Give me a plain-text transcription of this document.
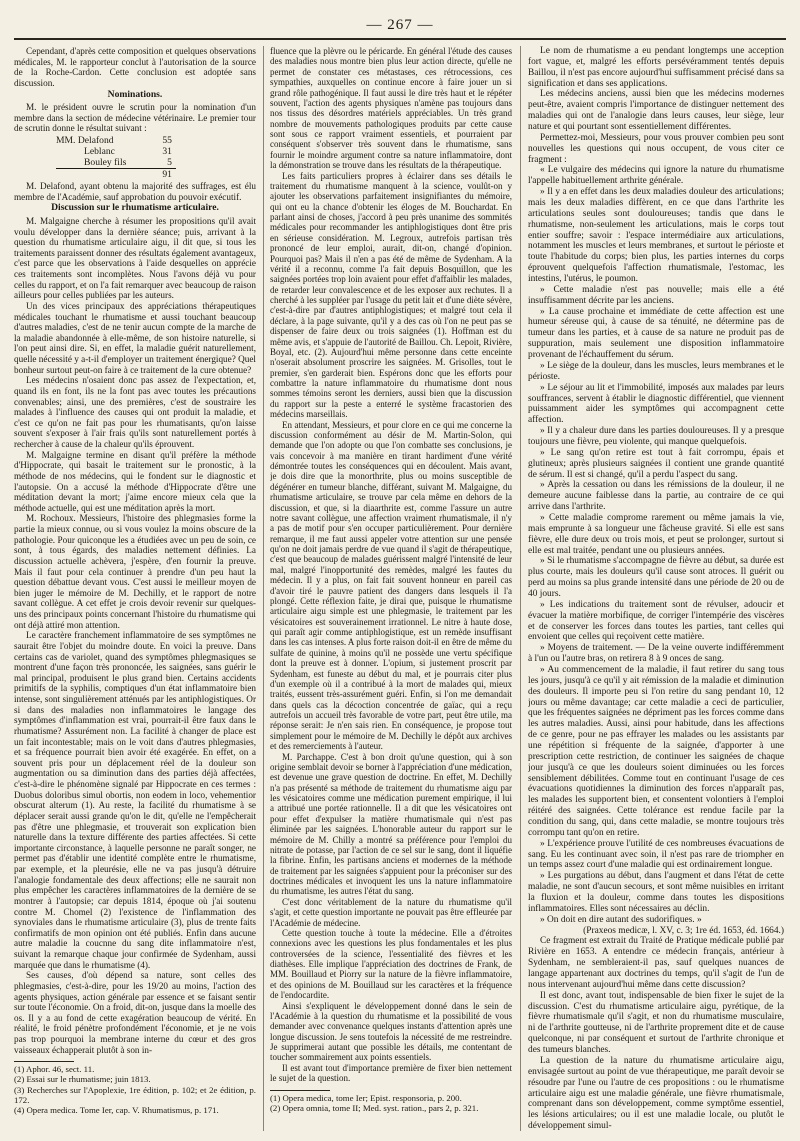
— 267 —

Cependant, d'après cette composition et quelques observations médicales, M. le rapporteur conclut à l'autorisation de la source de la Roche-Cardon. Cette conclusion est adoptée sans discussion.

Nominations.

M. le président ouvre le scrutin pour la nomination d'un membre dans la section de médecine vétérinaire. Le premier tour de scrutin donne le résultat suivant :

MM. Delafond	55
Leblanc	31
Bouley fils	5
	91

M. Delafond, ayant obtenu la majorité des suffrages, est élu membre de l'Académie, sauf approbation du pouvoir exécutif.

Discussion sur le rhumatisme articulaire.

M. Malgaigne cherche à résumer les propositions qu'il avait voulu développer dans la dernière séance; puis, arrivant à la question du rhumatisme articulaire aigu, il dit que, si tous les traitements paraissent donner des résultats également avantageux, c'est parce que les observations à l'aide desquelles on apprécie ces traitements sont incomplètes. Nous l'avons déjà vu pour celles du rapport, et on l'a fait remarquer avec beaucoup de raison ailleurs pour celles publiées par les auteurs.

Un des vices principaux des appréciations thérapeutiques médicales touchant le rhumatisme et aussi touchant beaucoup d'autres maladies, c'est de ne tenir aucun compte de la marche de la maladie abandonnée à elle-même, de son histoire naturelle, si l'on peut ainsi dire. Si, en effet, la maladie guérit naturellement, quelle nécessité y a-t-il d'employer un traitement énergique? Quel bonheur surtout peut-on faire à ce traitement de la cure obtenue?

Les médecins n'osaient donc pas assez de l'expectation, et, quand ils en font, ils ne la font pas avec toutes les précautions convenables; ainsi, une des premières, c'est de soustraire les malades à l'influence des causes qui ont produit la maladie, et c'est ce qu'on ne fait pas pour les rhumatisants, qu'on laisse souvent s'exposer à l'air frais qu'ils sont naturellement portés à rechercher à cause de la chaleur qu'ils éprouvent.

M. Malgaigne termine en disant qu'il préfère la méthode d'Hippocrate, qui basait le traitement sur le pronostic, à la méthode de nos médecins, qui le fondent sur le diagnostic et l'autopsie. On a accusé la méthode d'Hippocrate d'être une méditation devant la mort; j'aime encore mieux cela que la méthode actuelle, qui est une méditation après la mort.

M. Rochoux. Messieurs, l'histoire des phlegmasies forme la partie la mieux connue, ou si vous voulez la moins obscure de la pathologie. Pour quiconque les a étudiées avec un peu de soin, ce sont, à tous égards, des maladies nettement définies. La discussion actuelle achèvera, j'espère, d'en fournir la preuve. Mais il faut pour cela continuer à prendre d'un peu haut la question débattue devant vous. C'est aussi le meilleur moyen de bien juger le mémoire de M. Dechilly, et le rapport de notre savant collègue. A cet effet je crois devoir revenir sur quelques-uns des principaux points concernant l'histoire du rhumatisme qui ont déjà attiré mon attention.

Le caractère franchement inflammatoire de ses symptômes ne saurait être l'objet du moindre doute. En voici la preuve. Dans certains cas de variolet, quand des symptômes phlegmasiques se montrent d'une façon très prononcée, les saignées, sans guérir le mal principal, produisent le plus grand bien. Certains accidents primitifs de la syphilis, comptiques d'un état inflammatoire bien intense, sont singulièrement atténués par les antiphlogistiques. Or si dans des maladies non inflammatoires le langage des symptômes d'inflammation est vrai, pourrait-il être faux dans le rhumatisme? Assurément non. La facilité à changer de place est un fait incontestable; mais on le voit dans d'autres phlegmasies, et sa fréquence pourrait bien avoir été exagérée. En effet, on a souvent pris pour un déplacement réel de la douleur son augmentation ou sa diminution dans des parties déjà affectées, c'est-à-dire le phénomène signalé par Hippocrate en ces termes : Duobus doloribus simul obortis, non eodem in loco, vehementior obscurat alterum (1). Au reste, la facilité du rhumatisme à se déplacer serait aussi grande qu'on le dit, qu'elle ne l'empêcherait pas d'être une phlegmasie, et trouverait son explication bien naturelle dans la texture différente des parties affectées. Si cette importante circonstance, à laquelle personne ne paraît songer, ne permet pas d'établir une identité complète entre le rhumatisme, par exemple, et la pleurésie, elle ne va pas jusqu'à détruire l'analogie fondamentale des deux affections; elle ne saurait non plus empêcher les caractères inflammatoires de la dernière de se montrer à l'autopsie; car depuis 1814, époque où j'ai soutenu contre M. Chomel (2) l'existence de l'inflammation des synoviales dans le rhumatisme articulaire (3), plus de trente faits confirmatifs de mon opinion ont été publiés. Enfin dans aucune autre maladie la coucnne du sang dite inflammatoire n'est, suivant la remarque chaque jour confirmée de Sydenham, aussi marquée que dans le rhumatisme (4).

Ses causes, d'où dépend sa nature, sont celles des phlegmasies, c'est-à-dire, pour les 19/20 au moins, l'action des agents physiques, action générale par essence et se faisant sentir sur toute l'économie. On a froid, dit-on, jusque dans la moelle des os. Il y a au fond de cette exagération beaucoup de vérité. En réalité, le froid pénètre profondément l'économie, et je ne vois pas trop pourquoi la membrane interne du cœur et des gros vaisseaux échapperait plutôt à son in-

(1) Aphor. 46, sect. 11.

(2) Essai sur le rhumatisme; juin 1813.

(3) Recherches sur l'Apoplexie, 1re édition, p. 102; et 2e édition, p. 172.

(4) Opera medica. Tome Ier, cap. V. Rhumatismus, p. 171.

fluence que la plèvre ou le péricarde. En général l'étude des causes des maladies nous montre bien plus leur action directe, qu'elle ne permet de constater ces métastases, ces rétrocessions, ces sympathies, auxquelles on continue encore à faire jouer un si grand rôle pathogénique. Il faut aussi le dire très haut et le répéter souvent, l'action des agents physiques n'amène pas toujours dans nos tissus des désordres matériels appréciables. Un très grand nombre de mouvements pathologiques produits par cette cause sont sous ce rapport vraiment essentiels, et pourraient par conséquent s'observer très souvent dans le rhumatisme, sans fournir le moindre argument contre sa nature inflammatoire, dont la démonstration se trouve dans les résultats de la thérapeutique.

Les faits particuliers propres à éclairer dans ses détails le traitement du rhumatisme manquent à la science, voulût-on y ajouter les observations parfaitement insignifiantes du mémoire, qui ont eu la chance d'obtenir les éloges de M. Bouchardat. En parlant ainsi de choses, j'accord à peu près unanime des sommités médicales pour recommander les antiphlogistiques dont être pris en sérieuse considération. M. Legroux, autrefois partisan très prononcé de leur emploi, aurait, dit-on, changé d'opinion. Pourquoi pas? Mais il n'en a pas été de même de Sydenham. A la vérité il a reconnu, comme l'a fait depuis Bosquillon, que les saignées portées trop loin avaient pour effet d'affaiblir les malades, de retarder leur convalescence et de les exposer aux rechutes. Il a cherché à les suppléer par l'usage du petit lait et d'une diète sévère, c'est-à-dire par d'autres antiphlogistiques; et malgré tout cela il déclare, à la page suivante, qu'il y a des cas où l'on ne peut pas se dispenser de faire deux ou trois saignées (1). Hoffman est du même avis, et s'appuie de l'autorité de Baillou. Ch. Lepoit, Rivière, Boyal, etc. (2). Aujourd'hui même personne dans cette enceinte n'oserait absolument proscrire les saignées. M. Grisolles, tout le premier, s'en garderait bien. Espérons donc que les efforts pour combattre la nature inflammatoire du rhumatisme dont nous sommes témoins seront les derniers, aussi bien que la discussion du rapport sur la peste a enterré le système fracastorien des médecins marseillais.

En attendant, Messieurs, et pour clore en ce qui me concerne la discussion conformément au désir de M. Martin-Solon, qui demande que l'on adopte ou que l'on combatte ses conclusions, je vais concevoir à ma manière en tirant hardiment d'une vérité démontrée toutes les conséquences qui en découlent. Mais avant, je dois dire que la monorthrite, plus ou moins susceptible de dégénérer en tumeur blanche, différant, suivant M. Malgaigne, du rhumatisme articulaire, se trouve par cela même en dehors de la discussion, et que, si la diaarthrite est, comme l'assure un autre notre savant collègue, une affection vraiment rhumatismale, il n'y a pas de motif pour s'en occuper particulièrement. Pour dernière remarque, il me faut aussi appeler votre attention sur une pensée qu'on ne doit jamais perdre de vue quand il s'agit de thérapeutique, c'est que beaucoup de malades guérissent malgré l'intensité de leur mal, malgré l'inopportunité des remèdes, malgré les fautes du médecin. Il y a plus, on fait fait souvent honneur en pareil cas d'avoir tiré le pauvre patient des dangers dans lesquels il l'a plongé. Cette réflexion faite, je dirai que, puisque le rhumatisme articulaire aigu simple est une phlegmasie, le traitement par les vésicatoires est souverainement irrationnel. Le nitre à haute dose, qui paraît agir comme antiphlogistique, est un remède insuffisant dans les cas intenses. A plus forte raison doit-il en être de même du sulfate de quinine, à moins qu'il ne possède une vertu spécifique dont la preuve est à donner. L'opium, si justement proscrit par Sydenham, est funeste au début du mal, et je pourrais citer plus d'un exemple où il a contribué à la mort de malades qui, mieux traités, eussent très-assurément guéri. Enfin, si l'on me demandait dans quels cas la décoction concentrée de gaïac, qui a reçu autrefois un accueil très favorable de votre part, peut être utile, ma réponse serait: Je n'en sais rien. En conséquence, je propose tout simplement pour le mémoire de M. Dechilly le dépôt aux archives et des remerciements à l'auteur.

M. Parchappe. C'est à bon droit qu'une question, qui à son origine semblait devoir se borner à l'appréciation d'une médication, est devenue une grave question de doctrine. En effet, M. Dechilly n'a pas présenté sa méthode de traitement du rhumatisme aigu par les vésicatoires comme une médication purement empirique, il lui a attribué une portée rationnelle. Il a dit que les vésicatoires ont pour effet d'expulser la matière rhumatismale qui n'est pas éliminée par les saignées. L'honorable auteur du rapport sur le mémoire de M. Chilly a montré sa préférence pour l'emploi du nitrate de potasse, par l'action de ce sel sur le sang, dont il liquéfie la fibrine. Enfin, les partisans anciens et modernes de la méthode de traitement par les saignées s'appuient pour la préconiser sur des doctrines médicales et invoquent les uns la nature inflammatoire du rhumatisme, les autres l'état du sang.

C'est donc véritablement de la nature du rhumatisme qu'il s'agit, et cette question importante ne pouvait pas être effleurée par l'Académie de médecine.

Cette question touche à toute la médecine. Elle a d'étroites connexions avec les questions les plus fondamentales et les plus controversées de la science, l'essentialité des fièvres et les diathèses. Elle implique l'appréciation des doctrines de Frank, de MM. Bouillaud et Piorry sur la nature de la fièvre inflammatoire, et des opinions de M. Bouillaud sur les caractères et la fréquence de l'endocardite.

Ainsi s'expliquent le développement donné dans le sein de l'Académie à la question du rhumatisme et la possibilité de vous demander avec convenance quelques instants d'attention après une longue discussion. Je sens toutefois la nécessité de me restreindre. Je supprimerai autant que possible les détails, me contentant de toucher sommairement aux points essentiels.

Il est avant tout d'importance première de fixer bien nettement le sujet de la question.

(1) Opera medica, tome Ier; Epist. responsoria, p. 200.

(2) Opera omnia, tome II; Med. syst. ration., pars 2, p. 321.

Le nom de rhumatisme a eu pendant longtemps une acception fort vague, et, malgré les efforts persévéramment tentés depuis Baillou, il n'est pas encore aujourd'hui suffisamment précisé dans sa signification et dans ses applications.

Les médecins anciens, aussi bien que les médecins modernes peut-être, avaient compris l'importance de distinguer nettement des maladies qui ont de l'analogie dans leurs causes, leur siège, leur nature et qui pourtant sont essentiellement différentes.

Permettez-moi, Messieurs, pour vous prouver combien peu sont nouvelles les questions qui nous occupent, de vous citer ce fragment :

« Le vulgaire des médecins qui ignore la nature du rhumatisme l'appelle habituellement arthrite générale.

» Il y a en effet dans les deux maladies douleur des articulations; mais les deux maladies diffèrent, en ce que dans l'arthrite les articulations seules sont douloureuses; tandis que dans le rhumatisme, non-seulement les articulations, mais le corps tout entier souffre; savoir : l'espace intermédiaire aux articulations, notamment les muscles et leurs membranes, et surtout le périoste et toute l'habitude du corps; bien plus, les parties internes du corps éprouvent quelquefois l'affection rhumatismale, l'estomac, les intestins, l'utérus, le poumon.

» Cette maladie n'est pas nouvelle; mais elle a été insuffisamment décrite par les anciens.

» La cause prochaine et immédiate de cette affection est une humeur séreuse qui, à cause de sa ténuité, ne détermine pas de tumeur dans les parties, et à cause de sa nature ne produit pas de suppuration, mais seulement une disposition inflammatoire provenant de l'échauffement du sérum.

» Le siège de la douleur, dans les muscles, leurs membranes et le périoste.

» Le séjour au lit et l'immobilité, imposés aux malades par leurs souffrances, servent à établir le diagnostic différentiel, que viennent puissamment aider les symptômes qui accompagnent cette affection.

» Il y a chaleur dure dans les parties douloureuses. Il y a presque toujours une fièvre, peu violente, qui manque quelquefois.

» Le sang qu'on retire est tout à fait corrompu, épais et glutineux; après plusieurs saignées il contient une grande quantité de sérum. Il est si changé, qu'il a perdu l'aspect du sang.

» Après la cessation ou dans les rémissions de la douleur, il ne demeure aucune faiblesse dans la partie, au contraire de ce qui arrive dans l'arthrite.

» Cette maladie comprome rarement ou même jamais la vie, mais emprunte à sa longueur une fâcheuse gravité. Si elle est sans fièvre, elle dure deux ou trois mois, et peut se prolonger, surtout si elle est mal traitée, pendant une ou plusieurs années.

» Si le rhumatisme s'accompagne de fièvre au début, sa durée est plus courte, mais les douleurs qu'il cause sont atroces. Il guérit ou perd au moins sa plus grande intensité dans une période de 20 ou de 40 jours.

» Les indications du traitement sont de révulser, adoucir et évacuer la matière morbifique, de corriger l'intempérie des viscères et de conserver les forces dans toutes les parties, tant celles qui envoient que celles qui reçoivent cette matière.

» Moyens de traitement. — De la veine ouverte indifféremment à l'un ou l'autre bras, on retirera 8 à 9 onces de sang.

» Au commencement de la maladie, il faut retirer du sang tous les jours, jusqu'à ce qu'il y ait rémission de la maladie et diminution des douleurs. Il importe peu si l'on retire du sang pendant 10, 12 jours ou même davantage; car cette maladie a ceci de particulier, que les fréquentes saignées ne dépriment pas les forces comme dans les autres maladies. Aussi, ainsi pour habitude, dans les affections de ce genre, pour ne pas effrayer les malades ou les assistants par une répétition si fréquente de la saignée, d'apporter à une prescription cette restriction, de continuer les saignées de chaque jour jusqu'à ce que les douleurs soient diminuées ou les forces sensiblement débilitées. Comme tout en continuant l'usage de ces évacuations quotidiennes la diminution des forces n'apparaît pas, les malades les supportent bien, et consentent volontiers à l'emploi réitéré des saignées. Cette tolérance est rendue facile par la condition du sang, qui, dans cette maladie, se montre toujours très corrompu tant qu'on en retire.

» L'expérience prouve l'utilité de ces nombreuses évacuations de sang. Eu les continuant avec soin, il n'est pas rare de triompher en un temps assez court d'une maladie qui est ordinairement longue.

» Les purgations au début, dans l'augment et dans l'état de cette maladie, ne sont d'aucun secours, et sont même nuisibles en irritant la fluxion et la douleur, comme dans toutes les dispositions inflammatoires. Elles sont nécessaires au déclin.

» On doit en dire autant des sudorifiques. »

(Praxeos medicæ, l. XV, c. 3; 1re éd. 1653, éd. 1664.)

Ce fragment est extrait du Traité de Pratique médicale publié par Rivière en 1653. A entendre ce médecin français, antérieur à Sydenham, ne sembleraient-il pas, sauf quelques nuances de langage appartenant aux doctrines du temps, qu'il s'agit de l'un de nous intervenant aujourd'hui même dans cette discussion?

Il est donc, avant tout, indispensable de bien fixer le sujet de la discussion. C'est du rhumatisme articulaire aigu, pyrétique, de la fièvre rhumatismale qu'il s'agit, et non du rhumatisme musculaire, ni de l'arthrite goutteuse, ni de l'arthrite proprement dite et de cause quelconque, ni par conséquent et surtout de l'arthrite chronique et des tumeurs blanches.

La question de la nature du rhumatisme articulaire aigu, envisagée surtout au point de vue thérapeutique, me paraît devoir se résoudre par l'une ou l'autre de ces propositions : ou le rhumatisme articulaire aigu est une maladie générale, une fièvre rhumatismale, comprenant dans son développement, comme symptôme essentiel, les lésions articulaires; ou il est une maladie locale, ou plutôt le développement simul-
